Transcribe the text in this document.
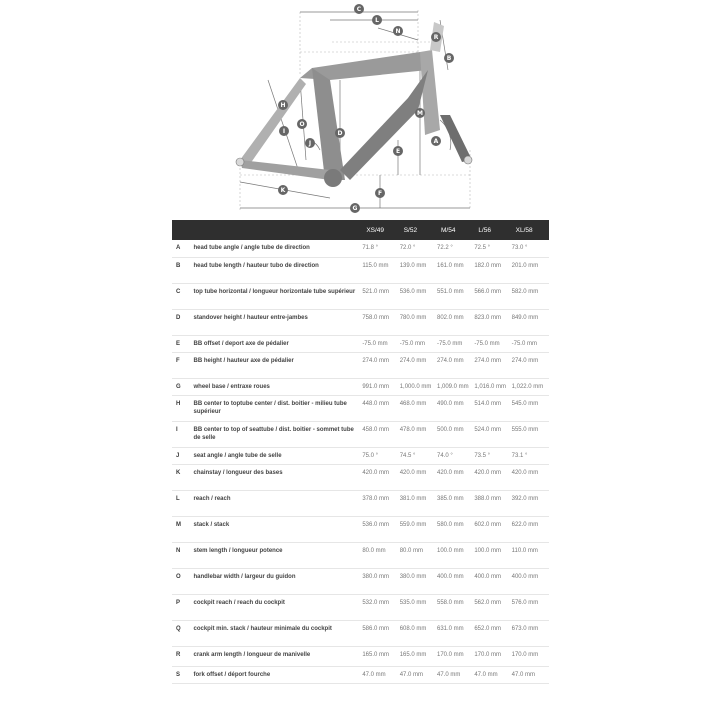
C
L
N
R
B
H
O
I
J
D
M
E
A
K	F
G
		XS/49	S/52	M/54	L/56	XL/58
A	head tube angle / angle tube de direction	71.8 °	72.0 °	72.2 °	72.5 °	73.0 °
B	head tube length / hauteur tubo de direction	115.0 mm	139.0 mm	161.0 mm	182.0 mm	201.0 mm
C	top tube horizontal / longueur horizontale tube supérieur	521.0 mm	536.0 mm	551.0 mm	566.0 mm	582.0 mm
D	standover height / hauteur entre-jambes	758.0 mm	780.0 mm	802.0 mm	823.0 mm	849.0 mm
E	BB offset / deport axe de pédalier	-75.0 mm	-75.0 mm	-75.0 mm	-75.0 mm	-75.0 mm
F	BB height / hauteur axe de pédalier	274.0 mm	274.0 mm	274.0 mm	274.0 mm	274.0 mm
G	wheel base / entraxe roues	991.0 mm	1,000.0 mm	1,009.0 mm	1,016.0 mm	1,022.0 mm
H	BB center to toptube center / dist. boitier - milieu tube supérieur	448.0 mm	468.0 mm	490.0 mm	514.0 mm	545.0 mm
I	BB center to top of seattube / dist. boitier - sommet tube de selle	458.0 mm	478.0 mm	500.0 mm	524.0 mm	555.0 mm
J	seat angle / angle tube de selle	75.0 °	74.5 °	74.0 °	73.5 °	73.1 °
K	chainstay / longueur des bases	420.0 mm	420.0 mm	420.0 mm	420.0 mm	420.0 mm
L	reach / reach	378.0 mm	381.0 mm	385.0 mm	388.0 mm	392.0 mm
M	stack / stack	536.0 mm	559.0 mm	580.0 mm	602.0 mm	622.0 mm
N	stem length / longueur potence	80.0 mm	80.0 mm	100.0 mm	100.0 mm	110.0 mm
O	handlebar width / largeur du guidon	380.0 mm	380.0 mm	400.0 mm	400.0 mm	400.0 mm
P	cockpit reach / reach du cockpit	532.0 mm	535.0 mm	558.0 mm	562.0 mm	576.0 mm
Q	cockpit min. stack / hauteur minimale du cockpit	586.0 mm	608.0 mm	631.0 mm	652.0 mm	673.0 mm
R	crank arm length / longueur de manivelle	165.0 mm	165.0 mm	170.0 mm	170.0 mm	170.0 mm
S	fork offset / déport fourche	47.0 mm	47.0 mm	47.0 mm	47.0 mm	47.0 mm
